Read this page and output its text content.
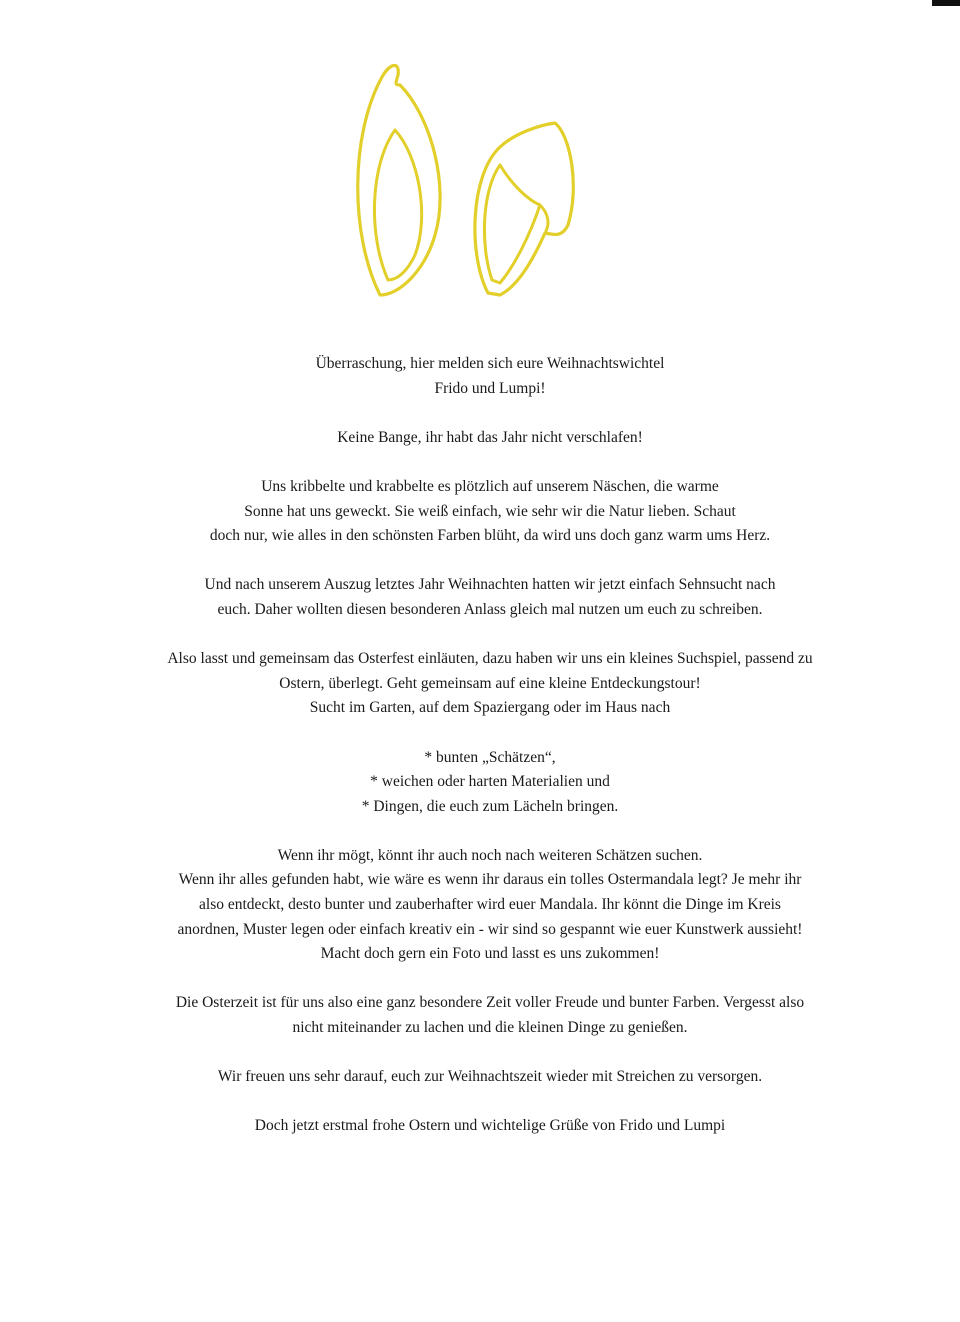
Überraschung, hier melden sich eure Weihnachtswichtel
Frido und Lumpi!

Keine Bange, ihr habt das Jahr nicht verschlafen!

Uns kribbelte und krabbelte es plötzlich auf unserem Näschen, die warme
Sonne hat uns geweckt. Sie weiß einfach, wie sehr wir die Natur lieben. Schaut
doch nur, wie alles in den schönsten Farben blüht, da wird uns doch ganz warm ums Herz.

Und nach unserem Auszug letztes Jahr Weihnachten hatten wir jetzt einfach Sehnsucht nach
euch. Daher wollten diesen besonderen Anlass gleich mal nutzen um euch zu schreiben.

Also lasst und gemeinsam das Osterfest einläuten, dazu haben wir uns ein kleines Suchspiel, passend zu
Ostern, überlegt. Geht gemeinsam auf eine kleine Entdeckungstour!
Sucht im Garten, auf dem Spaziergang oder im Haus nach

* bunten „Schätzen“,
* weichen oder harten Materialien und
* Dingen, die euch zum Lächeln bringen.

Wenn ihr mögt, könnt ihr auch noch nach weiteren Schätzen suchen.
Wenn ihr alles gefunden habt, wie wäre es wenn ihr daraus ein tolles Ostermandala legt? Je mehr ihr
also entdeckt, desto bunter und zauberhafter wird euer Mandala. Ihr könnt die Dinge im Kreis
anordnen, Muster legen oder einfach kreativ ein - wir sind so gespannt wie euer Kunstwerk aussieht!
Macht doch gern ein Foto und lasst es uns zukommen!

Die Osterzeit ist für uns also eine ganz besondere Zeit voller Freude und bunter Farben. Vergesst also
nicht miteinander zu lachen und die kleinen Dinge zu genießen.

Wir freuen uns sehr darauf, euch zur Weihnachtszeit wieder mit Streichen zu versorgen.

Doch jetzt erstmal frohe Ostern und wichtelige Grüße von Frido und Lumpi
